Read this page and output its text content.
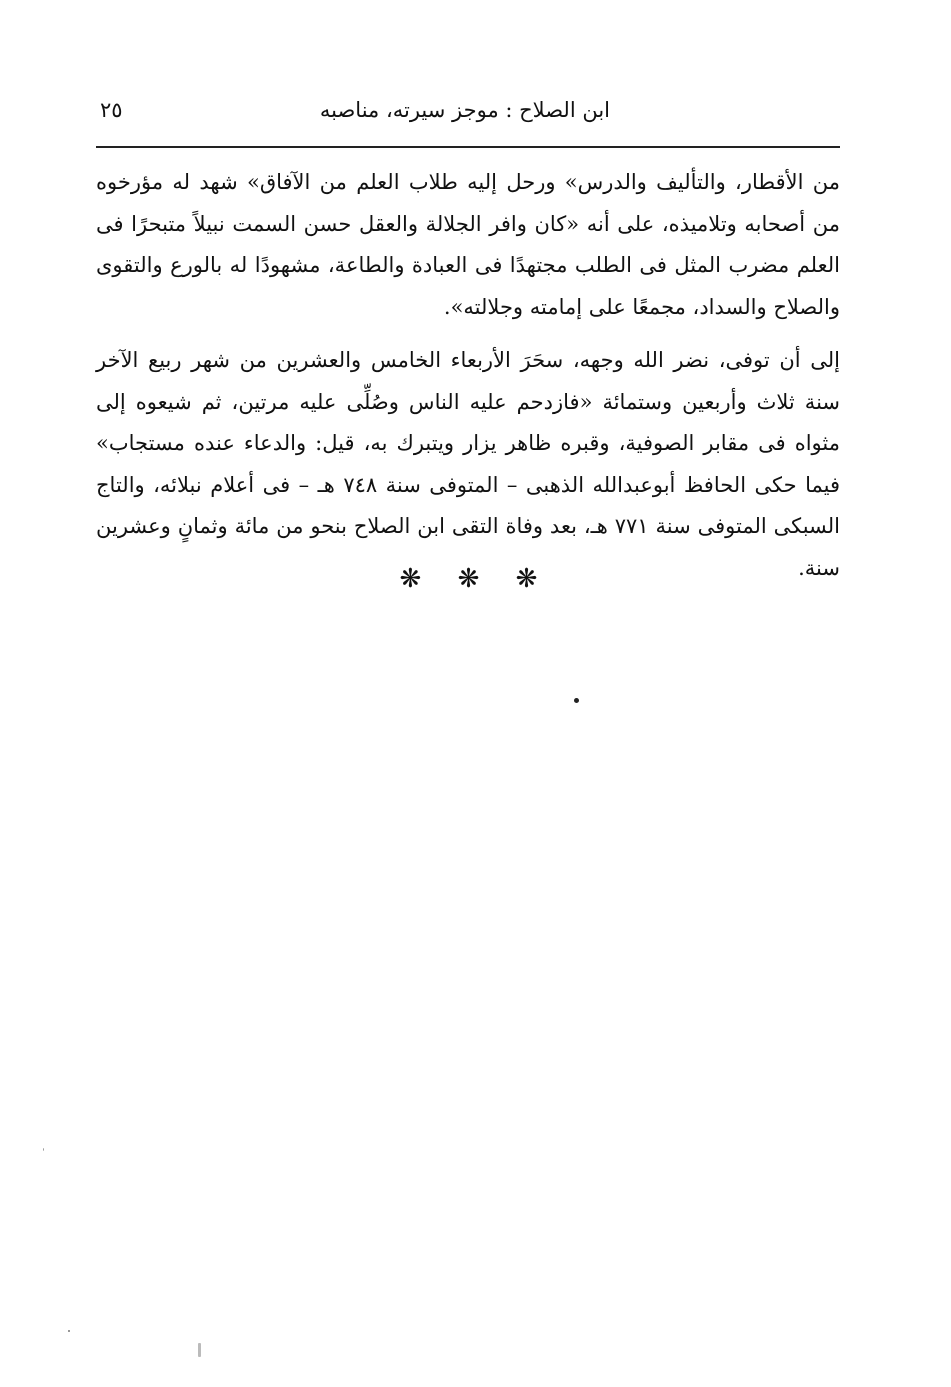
ابن الصلاح : موجز سيرته، مناصبه
٢٥

من الأقطار، والتأليف والدرس» ورحل إليه طلاب العلم من الآفاق» شهد له مؤرخوه من أصحابه وتلاميذه، على أنه «كان وافر الجلالة والعقل حسن السمت نبيلاً متبحرًا فى العلم مضرب المثل فى الطلب مجتهدًا فى العبادة والطاعة، مشهودًا له بالورع والتقوى والصلاح والسداد، مجمعًا على إمامته وجلالته».

إلى أن توفى، نضر الله وجهه، سحَرَ الأربعاء الخامس والعشرين من شهر ربيع الآخر سنة ثلاث وأربعين وستمائة «فازدحم عليه الناس وصُلِّى عليه مرتين، ثم شيعوه إلى مثواه فى مقابر الصوفية، وقبره ظاهر يزار ويتبرك به، قيل: والدعاء عنده مستجاب» فيما حكى الحافظ أبوعبدالله الذهبى – المتوفى سنة ٧٤٨ هـ – فى أعلام نبلائه، والتاج السبكى المتوفى سنة ٧٧١ هـ، بعد وفاة التقى ابن الصلاح بنحو من مائة وثمانٍ وعشرين سنة.

❋ ❋ ❋
